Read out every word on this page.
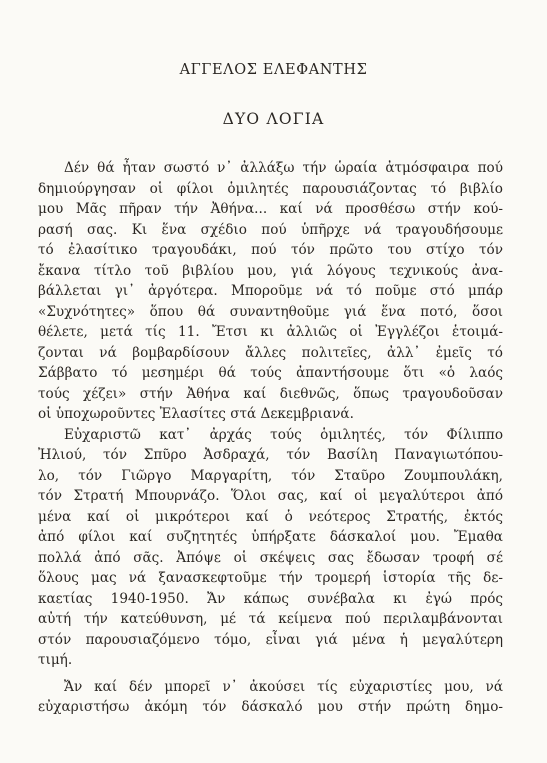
ΑΓΓΕΛΟΣ ΕΛΕΦΑΝΤΗΣ
ΔΥΟ ΛΟΓΙΑ
Δέν θά ἦταν σωστό ν᾽ ἀλλάξω τήν ὡραία ἀτμόσφαιρα πού
δημιούργησαν οἱ φίλοι ὁμιλητές παρουσιάζοντας τό βιβλίο
μου Μᾶς πῆραν τήν Ἀθήνα... καί νά προσθέσω στήν κού-
ρασή σας. Κι ἕνα σχέδιο πού ὑπῆρχε νά τραγουδήσουμε
τό ἐλασίτικο τραγουδάκι, πού τόν πρῶτο του στίχο τόν
ἔκανα τίτλο τοῦ βιβλίου μου, γιά λόγους τεχνικούς ἀνα-
βάλλεται γι᾽ ἀργότερα. Μποροῦμε νά τό ποῦμε στό μπάρ
«Συχνότητες» ὅπου θά συναντηθοῦμε γιά ἕνα ποτό, ὅσοι
θέλετε, μετά τίς 11. Ἔτσι κι ἀλλιῶς οἱ Ἐγγλέζοι ἑτοιμά-
ζονται νά βομβαρδίσουν ἄλλες πολιτεῖες, ἀλλ᾽ ἐμεῖς τό
Σάββατο τό μεσημέρι θά τούς ἀπαντήσουμε ὅτι «ὁ λαός
τούς χέζει» στήν Ἀθήνα καί διεθνῶς, ὅπως τραγουδοῦσαν
οἱ ὑποχωροῦντες Ἐλασίτες στά Δεκεμβριανά.
Εὐχαριστῶ κατ᾽ ἀρχάς τούς ὁμιλητές, τόν Φίλιππο
Ἠλιού, τόν Σπῦρο Ἀσδραχά, τόν Βασίλη Παναγιωτόπου-
λο, τόν Γιῶργο Μαργαρίτη, τόν Σταῦρο Ζουμπουλάκη,
τόν Στρατή Μπουρνάζο. Ὅλοι σας, καί οἱ μεγαλύτεροι ἀπό
μένα καί οἱ μικρότεροι καί ὁ νεότερος Στρατής, ἐκτός
ἀπό φίλοι καί συζητητές ὑπήρξατε δάσκαλοί μου. Ἔμαθα
πολλά ἀπό σᾶς. Ἀπόψε οἱ σκέψεις σας ἔδωσαν τροφή σέ
ὅλους μας νά ξανασκεφτοῦμε τήν τρομερή ἱστορία τῆς δε-
καετίας 1940-1950. Ἄν κάπως συνέβαλα κι ἐγώ πρός
αὐτή τήν κατεύθυνση, μέ τά κείμενα πού περιλαμβάνονται
στόν παρουσιαζόμενο τόμο, εἶναι γιά μένα ἡ μεγαλύτερη
τιμή.
Ἄν καί δέν μπορεῖ ν᾽ ἀκούσει τίς εὐχαριστίες μου, νά
εὐχαριστήσω ἀκόμη τόν δάσκαλό μου στήν πρώτη δημο-
